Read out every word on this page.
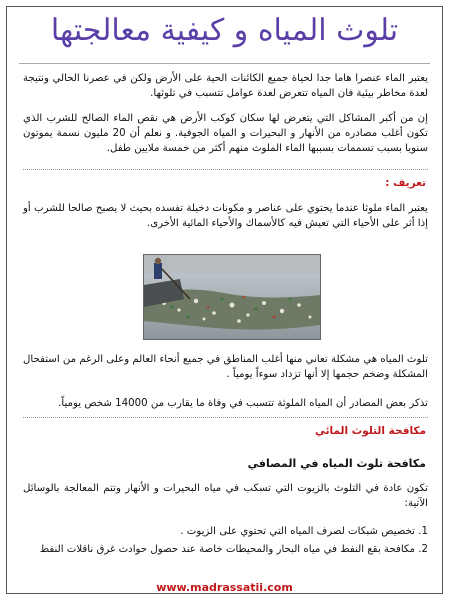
تلوث المياه و كيفية معالجتها
يعتبر الماء عنصرا هاما جدا لحياة جميع الكائنات الحية على الأرض ولكن في عصرنا الحالي ونتيجة لعدة مخاطر بيئية فان المياه تتعرض لعدة عوامل تتسبب في تلوثها.
إن من أكبر المشاكل التي يتعرض لها سكان كوكب الأرض هي نقص الماء الصالح للشرب الذي تكون أغلب مصادره من الأنهار و البحيرات و المياه الجوفية. و نعلم أن 20 مليون نسمة يموتون سنويا بسبب تسممات بسببها الماء الملوث منهم أكثر من خمسة ملايين طفل.
تعريف :
يعتبر الماء ملوثا عندما يحتوي على عناصر و مكونات دخيلة تفسده بحيث لا يصبح صالحا للشرب أو إذا أثر على الأحياء التي تعيش فيه كالأسماك والأحياء المائية الأخرى.
تلوث المياه هي مشكلة تعاني منها أغلب المناطق في جميع أنحاء العالم وعلى الرغم من استفحال المشكلة وضخم حجمها إلا أنها تزداد سوءاً يومياً .
تذكر بعض المصادر أن المياه الملوثة تتسبب في وفاة ما يقارب من 14000 شخص يومياً.
مكافحة التلوث المائي
مكافحة تلوث المياه في المصافي
تكون عادة في التلوث بالزيوت التي تسكب في مياه البحيرات و الأنهار وتتم المعالجة بالوسائل الآتية:
1. تخصيص شبكات لصرف المياه التي تحتوي على الزيوت .
2. مكافحة بقع النفط في مياه البحار والمحيطات خاصة عند حصول حوادث غرق ناقلات النفط
www.madrassatii.com
